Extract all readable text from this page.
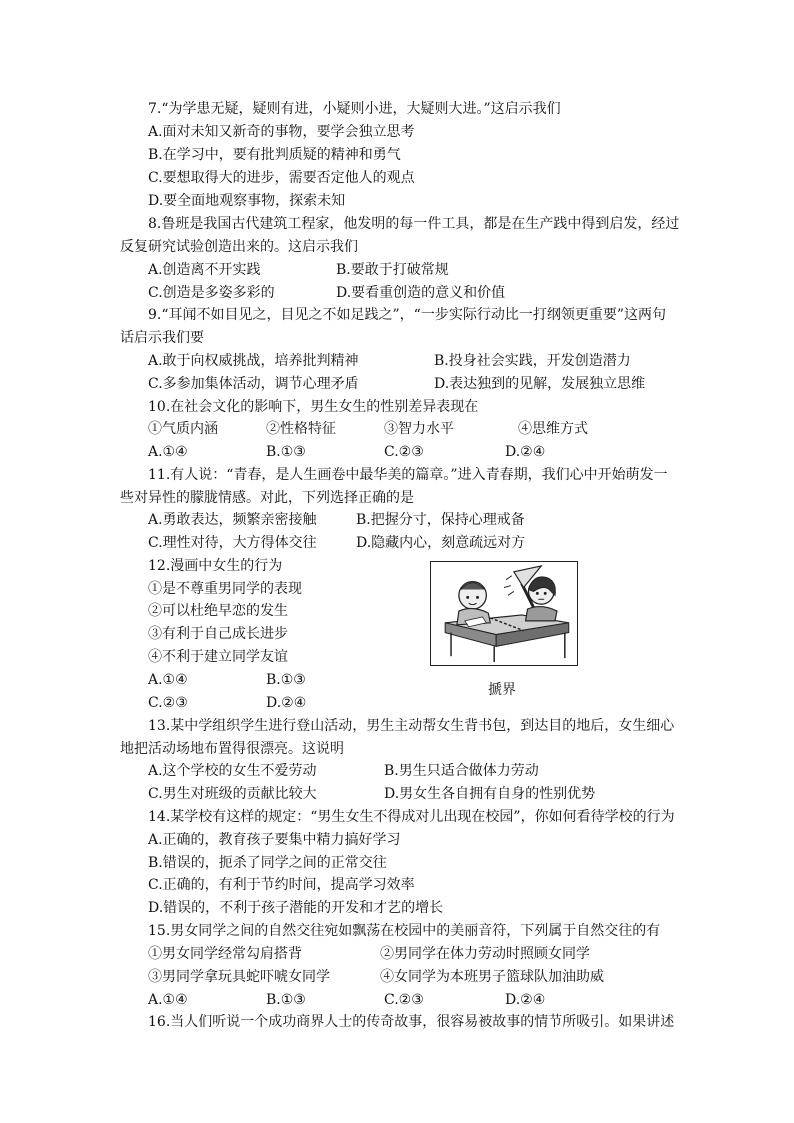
7.“为学患无疑，疑则有进，小疑则小进，大疑则大进。”这启示我们
A.面对未知又新奇的事物，要学会独立思考
B.在学习中，要有批判质疑的精神和勇气
C.要想取得大的进步，需要否定他人的观点
D.要全面地观察事物，探索未知
8.鲁班是我国古代建筑工程家，他发明的每一件工具，都是在生产践中得到启发，经过
反复研究试验创造出来的。这启示我们
A.创造离不开实践	B.要敢于打破常规
C.创造是多姿多彩的	D.要看重创造的意义和价值
9.“耳闻不如目见之，目见之不如足践之”，“一步实际行动比一打纲领更重要”这两句
话启示我们要
A.敢于向权威挑战，培养批判精神	B.投身社会实践，开发创造潜力
C.多参加集体活动，调节心理矛盾	D.表达独到的见解，发展独立思维
10.在社会文化的影响下，男生女生的性别差异表现在
①气质内涵	②性格特征	③智力水平	④思维方式
A.①④	B.①③	C.②③	D.②④
11.有人说：“青春，是人生画卷中最华美的篇章。”进入青春期，我们心中开始萌发一
些对异性的朦胧情感。对此，下列选择正确的是
A.勇敢表达，频繁亲密接触	B.把握分寸，保持心理戒备
C.理性对待，大方得体交往	D.隐藏内心，刻意疏远对方
12.漫画中女生的行为
①是不尊重男同学的表现
②可以杜绝早恋的发生
③有利于自己成长进步
④不利于建立同学友谊
A.①④	B.①③
C.②③	D.②④
搋界
13.某中学组织学生进行登山活动，男生主动帮女生背书包，到达目的地后，女生细心
地把活动场地布置得很漂亮。这说明
A.这个学校的女生不爱劳动	B.男生只适合做体力劳动
C.男生对班级的贡献比较大	D.男女生各自拥有自身的性别优势
14.某学校有这样的规定：“男生女生不得成对儿出现在校园”，你如何看待学校的行为
A.正确的，教育孩子要集中精力搞好学习
B.错误的，扼杀了同学之间的正常交往
C.正确的，有利于节约时间，提高学习效率
D.错误的，不利于孩子潜能的开发和才艺的增长
15.男女同学之间的自然交往宛如飘荡在校园中的美丽音符，下列属于自然交往的有
①男女同学经常勾肩搭背	②男同学在体力劳动时照顾女同学
③男同学拿玩具蛇吓唬女同学	④女同学为本班男子篮球队加油助威
A.①④	B.①③	C.②③	D.②④
16.当人们听说一个成功商界人士的传奇故事，很容易被故事的情节所吸引。如果讲述
